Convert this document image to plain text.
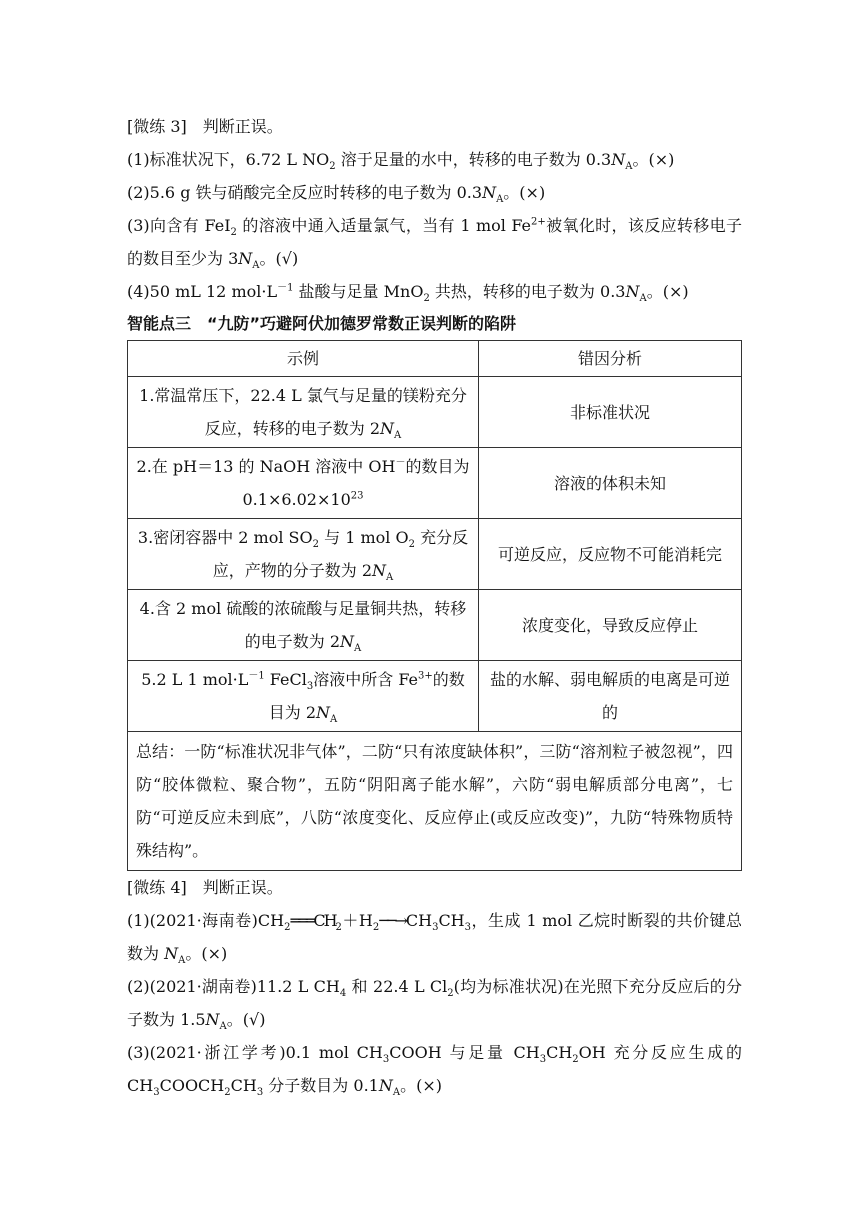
[微练 3]　判断正误。
(1)标准状况下，6.72 L $NO_2$ 溶于足量的水中，转移的电子数为 $0.3N_A$。(×)
(2)5.6 g 铁与硝酸完全反应时转移的电子数为 $0.3N_A$。(×)
(3)向含有 FeI$_2$ 的溶液中通入适量氯气，当有 1 mol $Fe^{2+}$被氧化时，该反应转移电子的数目至少为 $3N_A$。(√)
(4)50 mL 12 $mol\cdot L^{-1}$ 盐酸与足量 MnO$_2$ 共热，转移的电子数为 $0.3N_A$。(×)
智能点三　“九防”巧避阿伏加德罗常数正误判断的陷阱
示例	错因分析
1.常温常压下，22.4 L 氯气与足量的镁粉充分反应，转移的电子数为 $2N_A$	非标准状况
2.在 pH＝13 的 NaOH 溶液中 OH－的数目为 $0.1\times 6.02\times 10^{23}$	溶液的体积未知
3.密闭容器中 2 mol $SO_2$ 与 1 mol $O_2$ 充分反应，产物的分子数为 $2N_A$	可逆反应，反应物不可能消耗完
4.含 2 mol 硫酸的浓硫酸与足量铜共热，转移的电子数为 $2N_A$	浓度变化，导致反应停止
5.2 L 1 $mol\cdot L^{-1}$ FeCl$_3$溶液中所含 $Fe^{3+}$的数目为 $2N_A$	盐的水解、弱电解质的电离是可逆的
总结：一防“标准状况非气体”，二防“只有浓度缺体积”，三防“溶剂粒子被忽视”，四防“胶体微粒、聚合物”，五防“阴阳离子能水解”，六防“弱电解质部分电离”，七防“可逆反应未到底”，八防“浓度变化、反应停止(或反应改变)”，九防“特殊物质特殊结构”。	
[微练 4]　判断正误。
(1)(2021·海南卷)$CH_2═══CH_2+H_2──\to CH_3CH_3$，生成 1 mol 乙烷时断裂的共价键总数为 $N_A$。(×)
(2)(2021·湖南卷)11.2 L $CH_4$ 和 22.4 L $Cl_2$(均为标准状况)在光照下充分反应后的分子数为 $1.5N_A$。(√)
(3)(2021·浙江学考)0.1 mol $CH_3COOH$ 与足量 $CH_3CH_2OH$ 充分反应生成的 $CH_3COOCH_2CH_3$ 分子数目为 $0.1N_A$。(×)
